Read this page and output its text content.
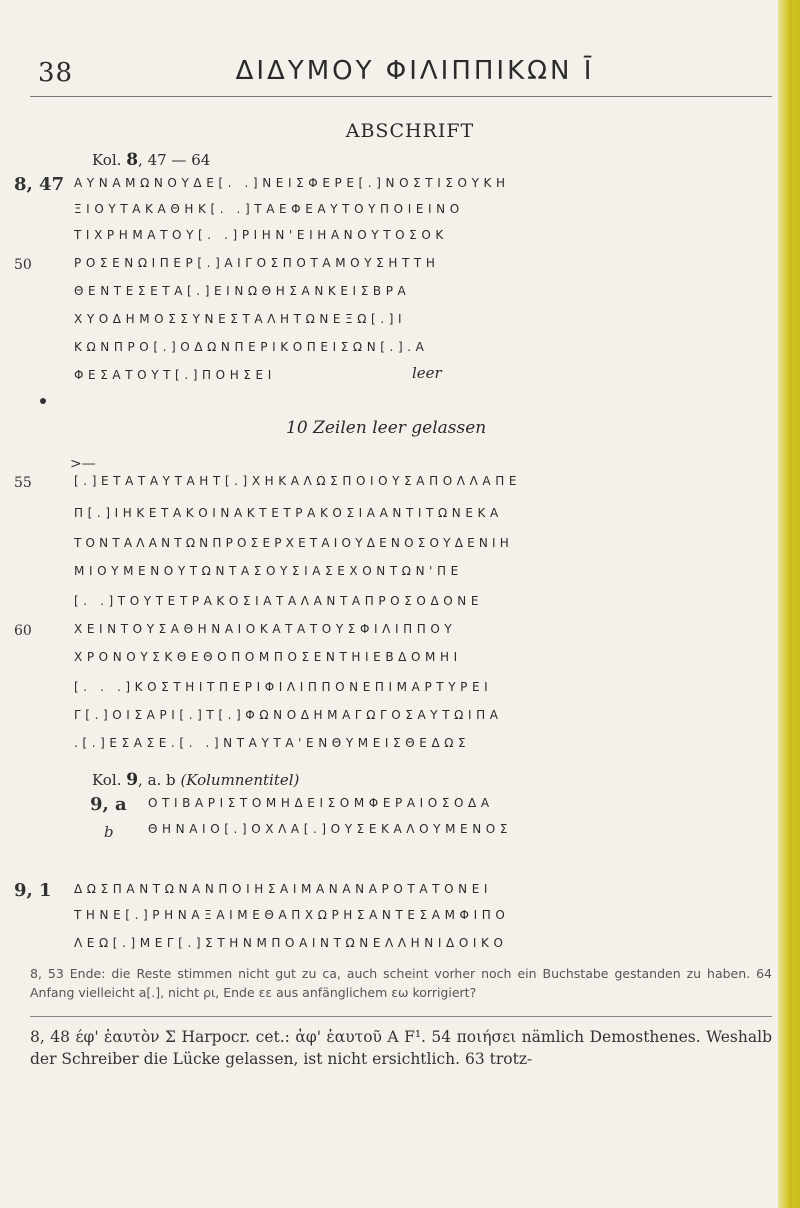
38	ΔΙΔΥΜΟΥ ΦΙΛΙΠΠΙΚΩΝ Ī
ABSCHRIFT
Kol. 8, 47 — 64
8, 47 ΑΥΝΑΜΩΝΟΥΔΕ[. .]ΝΕΙΣΦΕΡΕ[.]ΝΟΣΤΙΣΟΥΚΗ
ΞΙΟΥΤΑΚΑΘΗΚ[. .]ΤΑΕΦΕΑΥΤΟΥΠΟΙΕΙΝΟ
ΤΙΧΡΗΜΑΤΟΥ[. .]ΡΙΗΝ'ΕΙΗΑΝΟΥΤΟΣΟΚ
50	ΡΟΣΕΝΩΙΠΕΡ[.]ΑΙΓΟΣΠΟΤΑΜΟΥΣΗΤΤΗ
ΘΕΝΤΕΣΕΤΑ[.]ΕΙΝΩΘΗΣΑΝΚΕΙΣΒΡΑ
ΧΥΟΔΗΜΟΣΣΥΝΕΣΤΑΛΗΤΩΝΕΞΩ[.]Ι
ΚΩΝΠΡΟ[.]ΟΔΩΝΠΕΡΙΚΟΠΕΙΣΩΝ[.].Α
ΦΕΣΑΤΟΥΤ[.]ΠΟΗΣΕΙ	leer
10 Zeilen leer gelassen
>—
55	[.]ΕΤΑΤΑΥΤΑΗΤ[.]ΧΗΚΑΛΩΣΠΟΙΟΥΣΑΠΟΛΛΑΠΕ
Π[.]ΙΗΚΕΤΑΚΟΙΝΑΚΤΕΤΡΑΚΟΣΙΑΑΝΤΙΤΩΝΕΚΑ
ΤΟΝΤΑΛΑΝΤΩΝΠΡΟΣΕΡΧΕΤΑΙΟΥΔΕΝΟΣΟΥΔΕΝΙΗ
ΜΙΟΥΜΕΝΟΥΤΩΝΤΑΣΟΥΣΙΑΣΕΧΟΝΤΩΝ'ΠΕ
[. .]ΤΟΥΤΕΤΡΑΚΟΣΙΑΤΑΛΑΝΤΑΠΡΟΣΟΔΟΝΕ
60	ΧΕΙΝΤΟΥΣΑΘΗΝΑΙΟΚΑΤΑΤΟΥΣΦΙΛΙΠΠΟΥ
ΧΡΟΝΟΥΣΚΘΕΘΟΠΟΜΠΟΣΕΝΤΗΙΕΒΔΟΜΗΙ
[. . .]ΚΟΣΤΗΙΤΠΕΡΙΦΙΛΙΠΠΟΝΕΠΙΜΑΡΤΥΡΕΙ
Γ[.]ΟΙΣΑΡΙ[.]Τ[.]ΦΩΝΟΔΗΜΑΓΩΓΟΣΑΥΤΩΙΠΑ
.[.]ΕΣΑΣΕ.[. .]ΝΤΑΥΤΑ'ΕΝΘΥΜΕΙΣΘΕΔΩΣ
Kol. 9, a. b (Kolumnentitel)
9, a	ΟΤΙΒΑΡΙΣΤΟΜΗΔΕΙΣΟΜΦΕΡΑΙΟΣΟΔΑ
b	ΘΗΝΑΙΟ[.]ΟΧΛΑ[.]ΟΥΣΕΚΑΛΟΥΜΕΝΟΣ
9, 1	ΔΩΣΠΑΝΤΩΝΑΝΠΟΙΗΣΑΙΜΑΝΑΝΑΡΟΤΑΤΟΝΕΙ
ΤΗΝΕ[.]ΡΗΝΑΞΑΙΜΕΘΑΠΧΩΡΗΣΑΝΤΕΣΑΜΦΙΠΟ
ΛΕΩ[.]ΜΕΓ[.]ΣΤΗΝΜΠΟΑΙΝΤΩΝΕΛΛΗΝΙΔΟΙΚΟ
8, 53 Ende: die Reste stimmen nicht gut zu ca, auch scheint vorher noch ein Buchstabe gestanden zu haben. 64 Anfang vielleicht a[.], nicht ρι, Ende εε aus anfänglichem εω korrigiert?
8, 48 έφ' ἑαυτὸν Σ Harpocr. cet.: ἀφ' ἑαυτοῦ A F¹. 54 ποιήσει nämlich Demosthenes. Weshalb der Schreiber die Lücke gelassen, ist nicht ersichtlich. 63 trotz-
